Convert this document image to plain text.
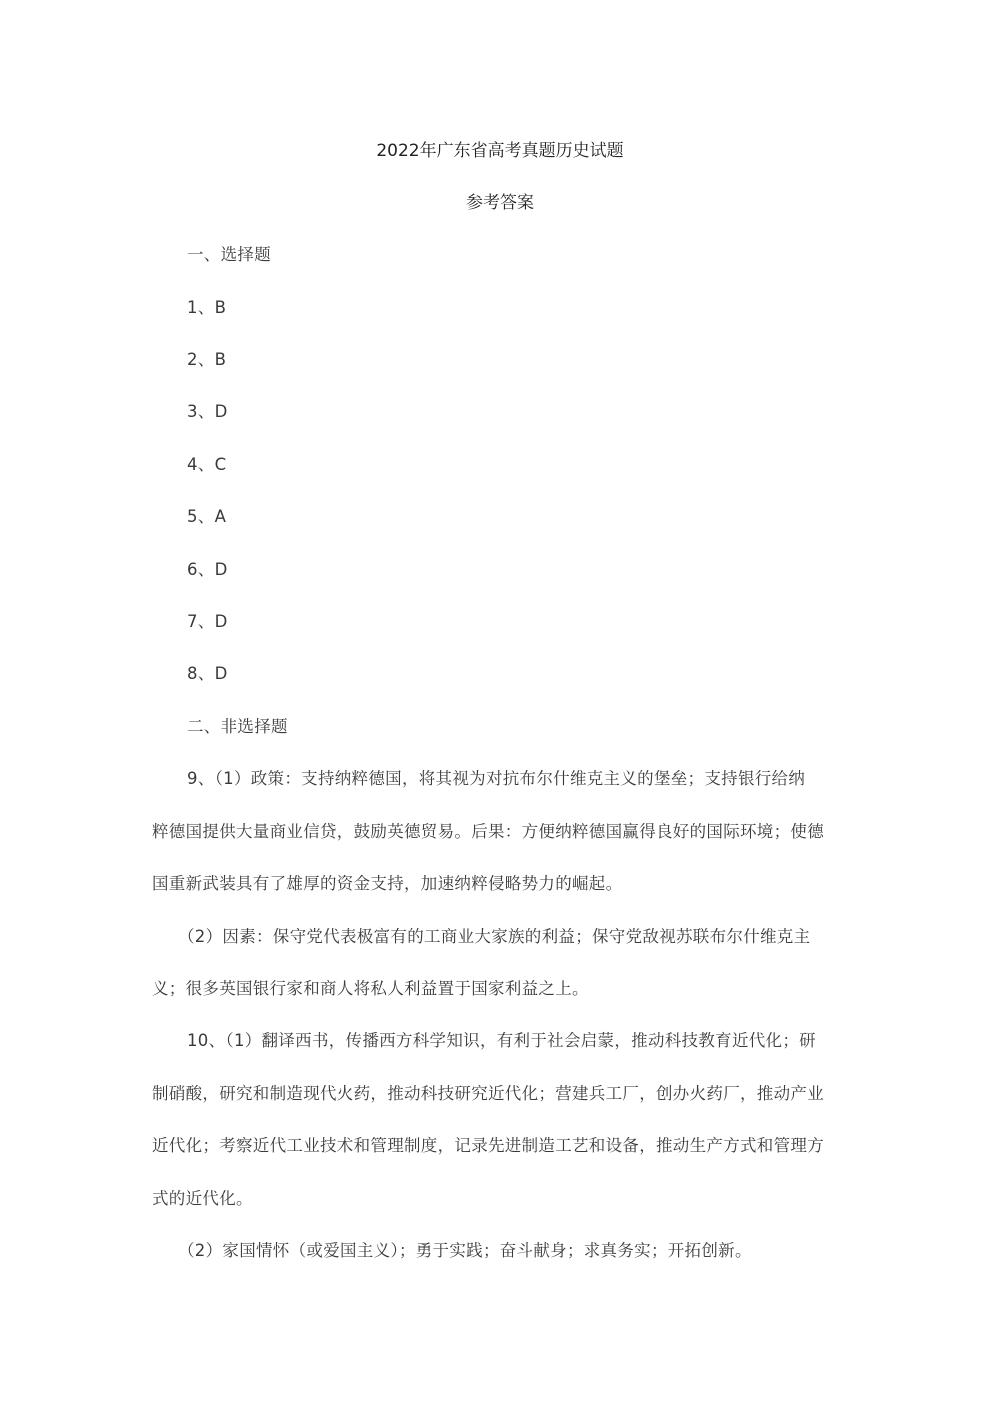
2022年广东省高考真题历史试题
参考答案
一、选择题
1、B
2、B
3、D
4、C
5、A
6、D
7、D
8、D
二、非选择题
9、（1）政策：支持纳粹德国，将其视为对抗布尔什维克主义的堡垒；支持银行给纳
粹德国提供大量商业信贷，鼓励英德贸易。后果：方便纳粹德国赢得良好的国际环境；使德
国重新武装具有了雄厚的资金支持，加速纳粹侵略势力的崛起。
（2）因素：保守党代表极富有的工商业大家族的利益；保守党敌视苏联布尔什维克主
义；很多英国银行家和商人将私人利益置于国家利益之上。
10、（1）翻译西书，传播西方科学知识，有利于社会启蒙，推动科技教育近代化；研
制硝酸，研究和制造现代火药，推动科技研究近代化；营建兵工厂，创办火药厂，推动产业
近代化；考察近代工业技术和管理制度，记录先进制造工艺和设备，推动生产方式和管理方
式的近代化。
（2）家国情怀（或爱国主义）；勇于实践；奋斗献身；求真务实；开拓创新。
